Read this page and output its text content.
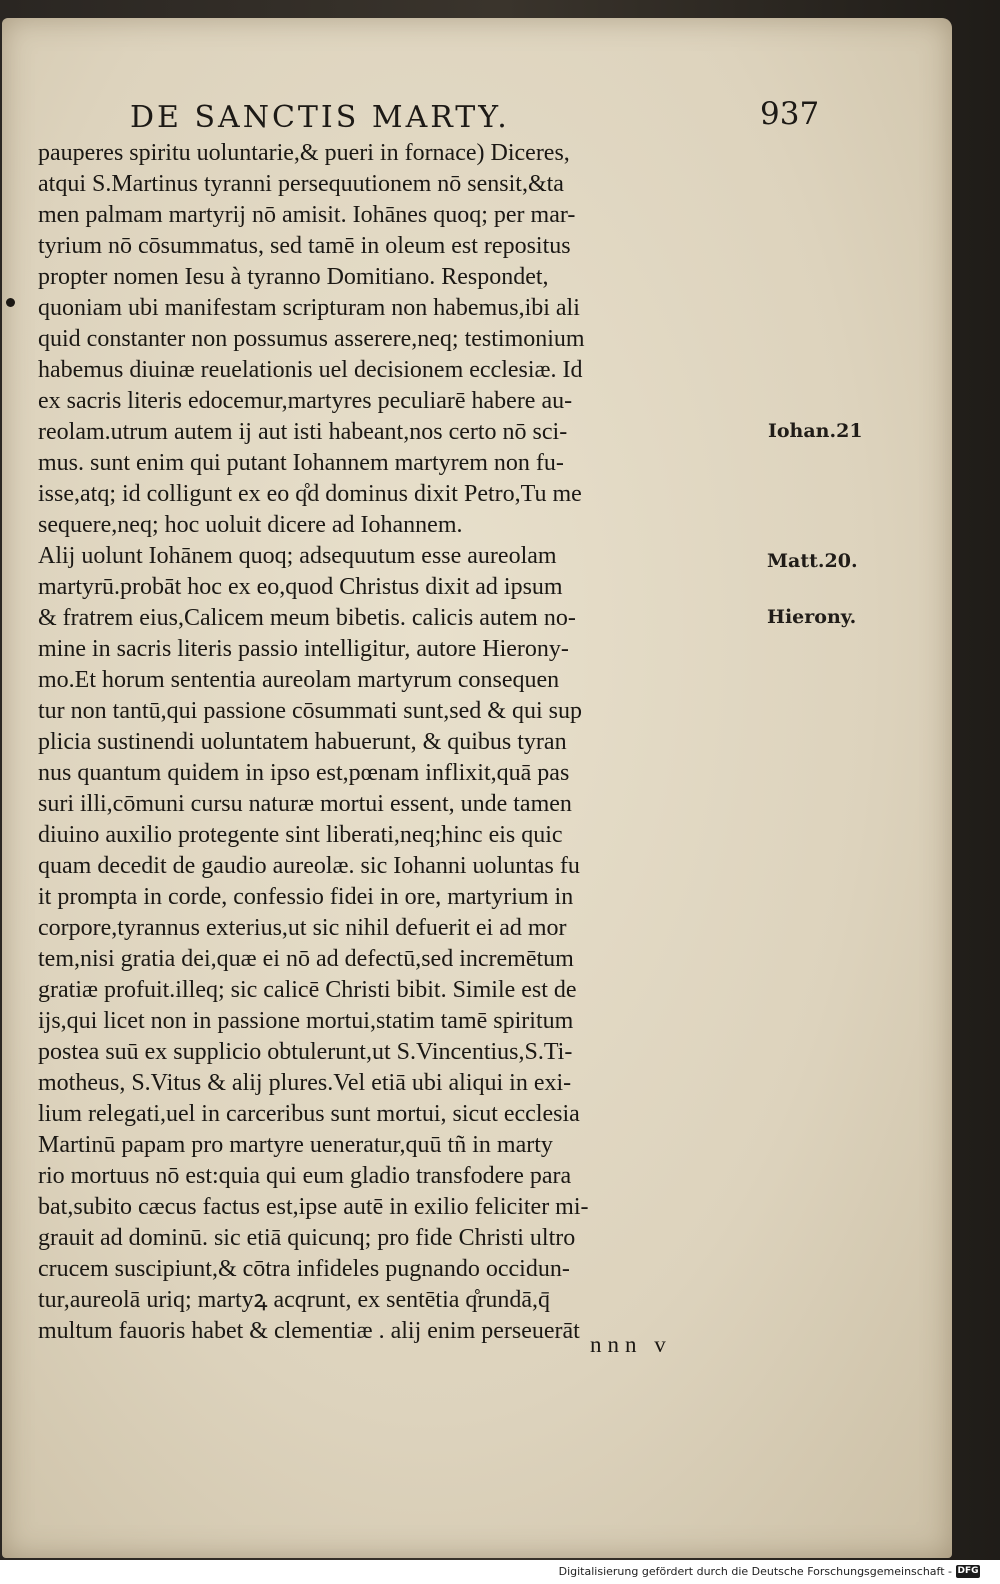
DE SANCTIS MARTY.	937
pauperes spiritu uoluntarie,& pueri in fornace) Diceres,
atqui S.Martinus tyranni persequutionem nō sensit,&ta
men palmam martyrij nō amisit. Iohānes quoq; per mar-
tyrium nō cōsummatus, sed tamē in oleum est repositus
propter nomen Iesu à tyranno Domitiano. Respondet,
quoniam ubi manifestam scripturam non habemus,ibi ali
quid constanter non possumus asserere,neq; testimonium
habemus diuinæ reuelationis uel decisionem ecclesiæ. Id
ex sacris literis edocemur,martyres peculiarē habere au-
reolam.utrum autem ij aut isti habeant,nos certo nō sci-
mus. sunt enim qui putant Iohannem martyrem non fu-
isse,atq; id colligunt ex eo q̊d dominus dixit Petro,Tu me
sequere,neq; hoc uoluit dicere ad Iohannem.
Alij uolunt Iohānem quoq; adsequutum esse aureolam
martyrū.probāt hoc ex eo,quod Christus dixit ad ipsum
& fratrem eius,Calicem meum bibetis. calicis autem no-
mine in sacris literis passio intelligitur, autore Hierony-
mo.Et horum sententia aureolam martyrum consequen
tur non tantū,qui passione cōsummati sunt,sed & qui sup
plicia sustinendi uoluntatem habuerunt, & quibus tyran
nus quantum quidem in ipso est,pœnam inflixit,quā pas
suri illi,cōmuni cursu naturæ mortui essent, unde tamen
diuino auxilio protegente sint liberati,neq;hinc eis quic
quam decedit de gaudio aureolæ. sic Iohanni uoluntas fu
it prompta in corde, confessio fidei in ore, martyrium in
corpore,tyrannus exterius,ut sic nihil defuerit ei ad mor
tem,nisi gratia dei,quæ ei nō ad defectū,sed incremētum
gratiæ profuit.illeq; sic calicē Christi bibit. Simile est de
ijs,qui licet non in passione mortui,statim tamē spiritum
postea suū ex supplicio obtulerunt,ut S.Vincentius,S.Ti-
motheus, S.Vitus & alij plures.Vel etiā ubi aliqui in exi-
lium relegati,uel in carceribus sunt mortui, sicut ecclesia
Martinū papam pro martyre ueneratur,quū tñ in marty
rio mortuus nō est:quia qui eum gladio transfodere para
bat,subito cæcus factus est,ipse autē in exilio feliciter mi-
grauit ad dominū. sic etiā quicunq; pro fide Christi ultro
crucem suscipiunt,& cōtra infideles pugnando occidun-
tur,aureolā uriq; martyꝝ acqrunt, ex sentētia q̊rundā,q̄
multum fauoris habet & clementiæ . alij enim perseuerāt
nnn v
Iohan.21
Matt.20.
Hierony.
Digitalisierung gefördert durch die Deutsche Forschungsgemeinschaft - DFG
